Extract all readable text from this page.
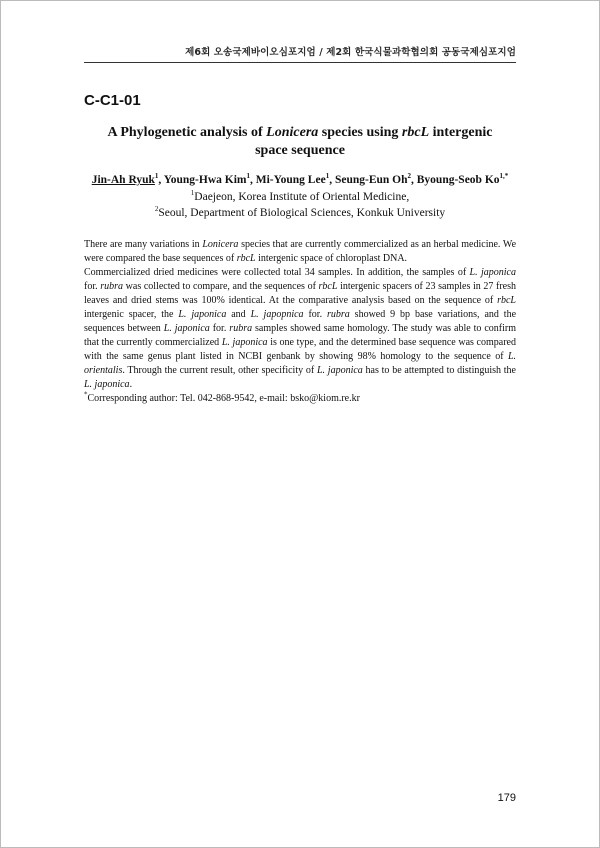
제6회 오송국제바이오심포지엄 / 제2회 한국식물과학협의회 공동국제심포지엄
C-C1-01
A Phylogenetic analysis of Lonicera species using rbcL intergenic
space sequence
Jin-Ah Ryuk$^1$, Young-Hwa Kim$^1$, Mi-Young Lee$^1$, Seung-Eun Oh$^2$, Byoung-Seob $Ko^{1,*}$
$^1$Daejeon, Korea Institute of Oriental Medicine,
$^2$Seoul, Department of Biological Sciences, Konkuk University

There are many variations in Lonicera species that are currently commercialized as an herbal medicine. We were compared the base sequences of rbcL intergenic space of chloroplast DNA.

Commercialized dried medicines were collected total 34 samples. In addition, the samples of L. japonica for. rubra was collected to compare, and the sequences of rbcL intergenic spacers of 23 samples in 27 fresh leaves and dried stems was 100% identical. At the comparative analysis based on the sequence of rbcL intergenic spacer, the L. japonica and L. japopnica for. rubra showed 9 bp base variations, and the sequences between L. japonica for. rubra samples showed same homology. The study was able to confirm that the currently commercialized L. japonica is one type, and the determined base sequence was compared with the same genus plant listed in NCBI genbank by showing 98% homology to the sequence of L. orientalis. Through the current result, other specificity of L. japonica has to be attempted to distinguish the L. japonica.

*Corresponding author: Tel. 042-868-9542, e-mail: bsko@kiom.re.kr

179
